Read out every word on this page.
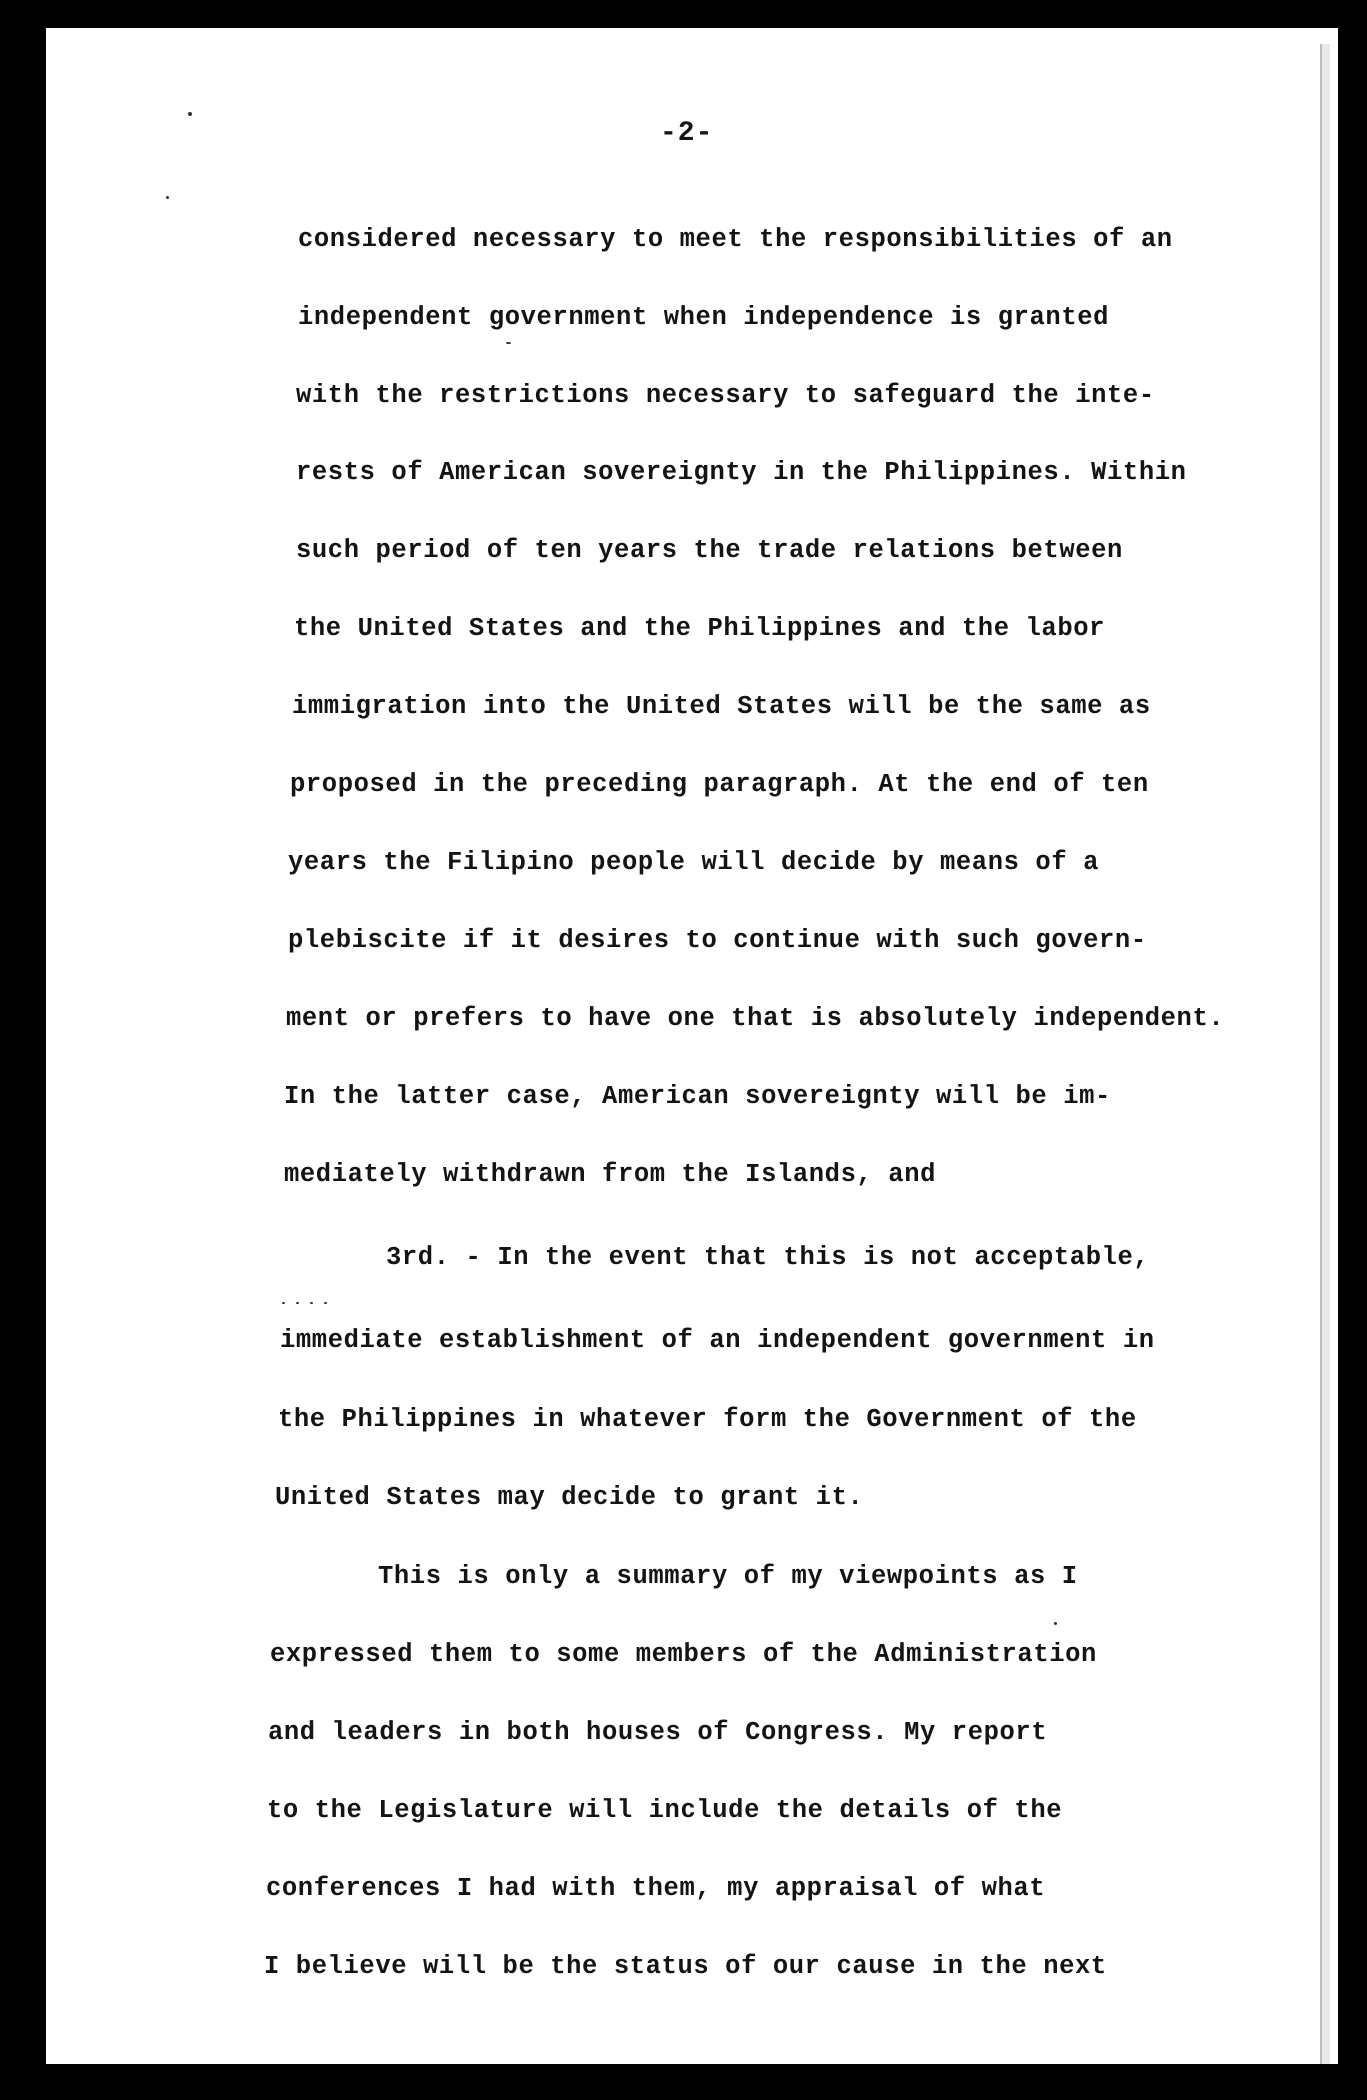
-2-
considered necessary to meet the responsibilities of an
independent government when independence is granted
with the restrictions necessary to safeguard the inte-
rests of American sovereignty in the Philippines. Within
such period of ten years the trade relations between
the United States and the Philippines and the labor
immigration into the United States will be the same as
proposed in the preceding paragraph. At the end of ten
years the Filipino people will decide by means of a
plebiscite if it desires to continue with such govern-
ment or prefers to have one that is absolutely independent.
In the latter case, American sovereignty will be im-
mediately withdrawn from the Islands, and
3rd. - In the event that this is not acceptable,
immediate establishment of an independent government in
the Philippines in whatever form the Government of the
United States may decide to grant it.
This is only a summary of my viewpoints as I
expressed them to some members of the Administration
and leaders in both houses of Congress. My report
to the Legislature will include the details of the
conferences I had with them, my appraisal of what
I believe will be the status of our cause in the next
